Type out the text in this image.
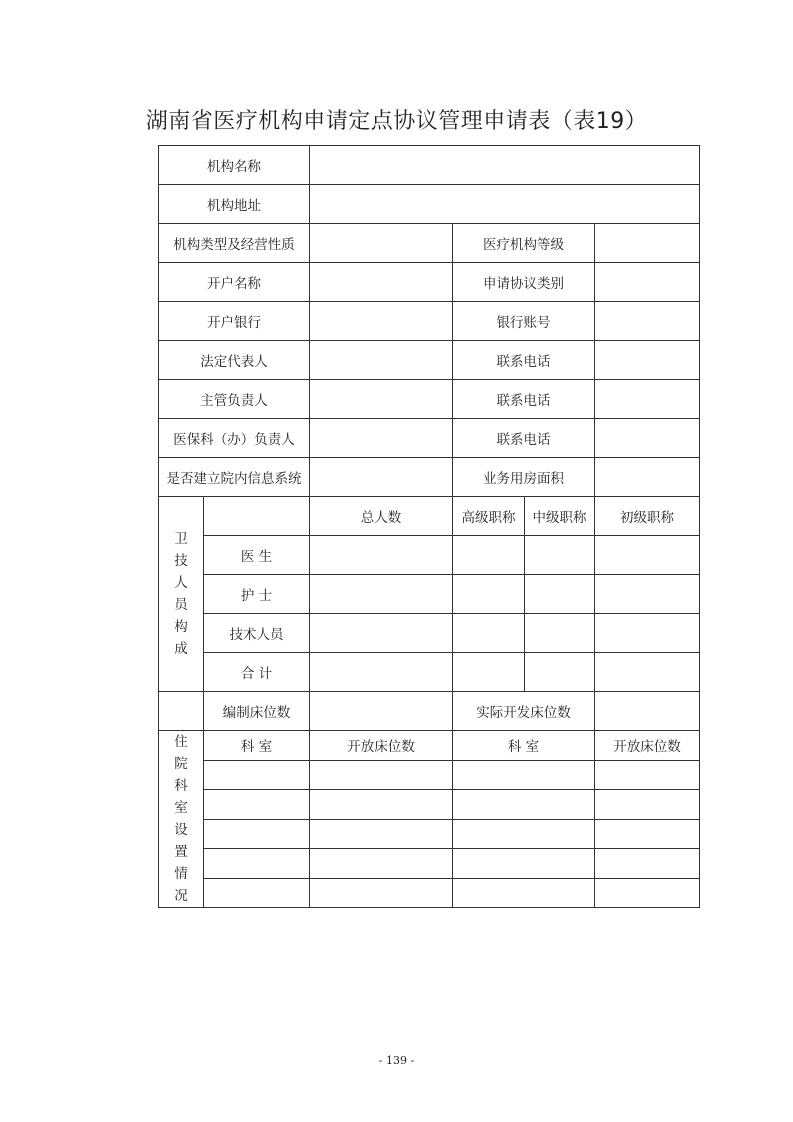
湖南省医疗机构申请定点协议管理申请表（表19）
机构名称					
机构地址					
机构类型及经营性质			医疗机构等级		
开户名称			申请协议类别		
开户银行			银行账号		
法定代表人			联系电话		
主管负责人			联系电话		
医保科（办）负责人			联系电话		
是否建立院内信息系统			业务用房面积		

卫技人员构成		总人数	高级职称	中级职称	初级职称
	医 生				
	护 士				
	技术人员				
	合 计				
	编制床位数		实际开发床位数		

住院科室设置情况	科 室	开放床位数	科 室		开放床位数

- 139 -
